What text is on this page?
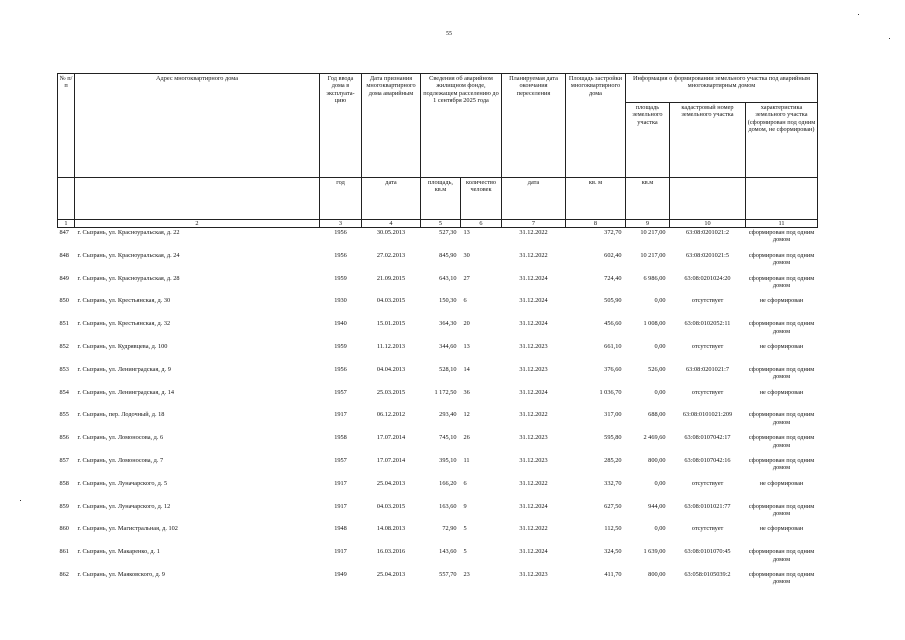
55
№ п/п	Адрес многоквартирного дома	Год ввода дома в эксплуата-цию	Дата признания многоквартирного дома аварийным	Сведения об аварийном жилищном фонде, подлежащем расселению до 1 сентября 2025 года		Планируемая дата окончания переселения	Площадь застройки многоквартирного дома	Информация о формировании земельного участка под аварийным многоквартирным домом		
								площадь земельного участка	кадастровый номер земельного участка	характеристика земельного участка (сформирован под одним домом, не сформирован)
		год	дата	площадь, кв.м	количество человек	дата	кв. м	кв.м		
1	2	3	4	5	6	7	8	9	10	11
847	г. Сызрань, ул. Красноуральская, д. 22	1956	30.05.2013	527,30	13	31.12.2022	372,70	10 217,00	63:08:0201021:2	сформирован под одним домом
848	г. Сызрань, ул. Красноуральская, д. 24	1956	27.02.2013	845,90	30	31.12.2022	602,40	10 217,00	63:08:0201021:5	сформирован под одним домом
849	г. Сызрань, ул. Красноуральская, д. 28	1959	21.09.2015	643,10	27	31.12.2024	724,40	6 986,00	63:08:0201024:20	сформирован под одним домом
850	г. Сызрань, ул. Крестьянская, д. 30	1930	04.03.2015	150,30	6	31.12.2024	505,90	0,00	отсутствует	не сформирован
851	г. Сызрань, ул. Крестьянская, д. 32	1940	15.01.2015	364,30	20	31.12.2024	456,60	1 008,00	63:08:0102052:11	сформирован под одним домом
852	г. Сызрань, ул. Кудрявцева, д. 100	1959	11.12.2013	344,60	13	31.12.2023	661,10	0,00	отсутствует	не сформирован
853	г. Сызрань, ул. Ленинградская, д. 9	1956	04.04.2013	528,10	14	31.12.2023	376,60	526,00	63:08:0201021:7	сформирован под одним домом
854	г. Сызрань, ул. Ленинградская, д. 14	1957	25.03.2015	1 172,50	36	31.12.2024	1 036,70	0,00	отсутствует	не сформирован
855	г. Сызрань, пер. Лодочный, д. 18	1917	06.12.2012	293,40	12	31.12.2022	317,00	688,00	63:08:0101021:209	сформирован под одним домом
856	г. Сызрань, ул. Ломоносова, д. 6	1958	17.07.2014	745,10	26	31.12.2023	595,80	2 469,60	63:08:0107042:17	сформирован под одним домом
857	г. Сызрань, ул. Ломоносова, д. 7	1957	17.07.2014	395,10	11	31.12.2023	285,20	800,00	63:08:0107042:16	сформирован под одним домом
858	г. Сызрань, ул. Луначарского, д. 5	1917	25.04.2013	166,20	6	31.12.2022	332,70	0,00	отсутствует	не сформирован
859	г. Сызрань, ул. Луначарского, д. 12	1917	04.03.2015	163,60	9	31.12.2024	627,50	944,00	63:08:0101021:77	сформирован под одним домом
860	г. Сызрань, ул. Магистральная, д. 102	1948	14.08.2013	72,90	5	31.12.2022	112,50	0,00	отсутствует	не сформирован
861	г. Сызрань, ул. Макаренко, д. 1	1917	16.03.2016	143,60	5	31.12.2024	324,50	1 639,00	63:08:0101070:45	сформирован под одним домом
862	г. Сызрань, ул. Маяковского, д. 9	1949	25.04.2013	557,70	23	31.12.2023	411,70	800,00	63:058:0105039:2	сформирован под одним домом
